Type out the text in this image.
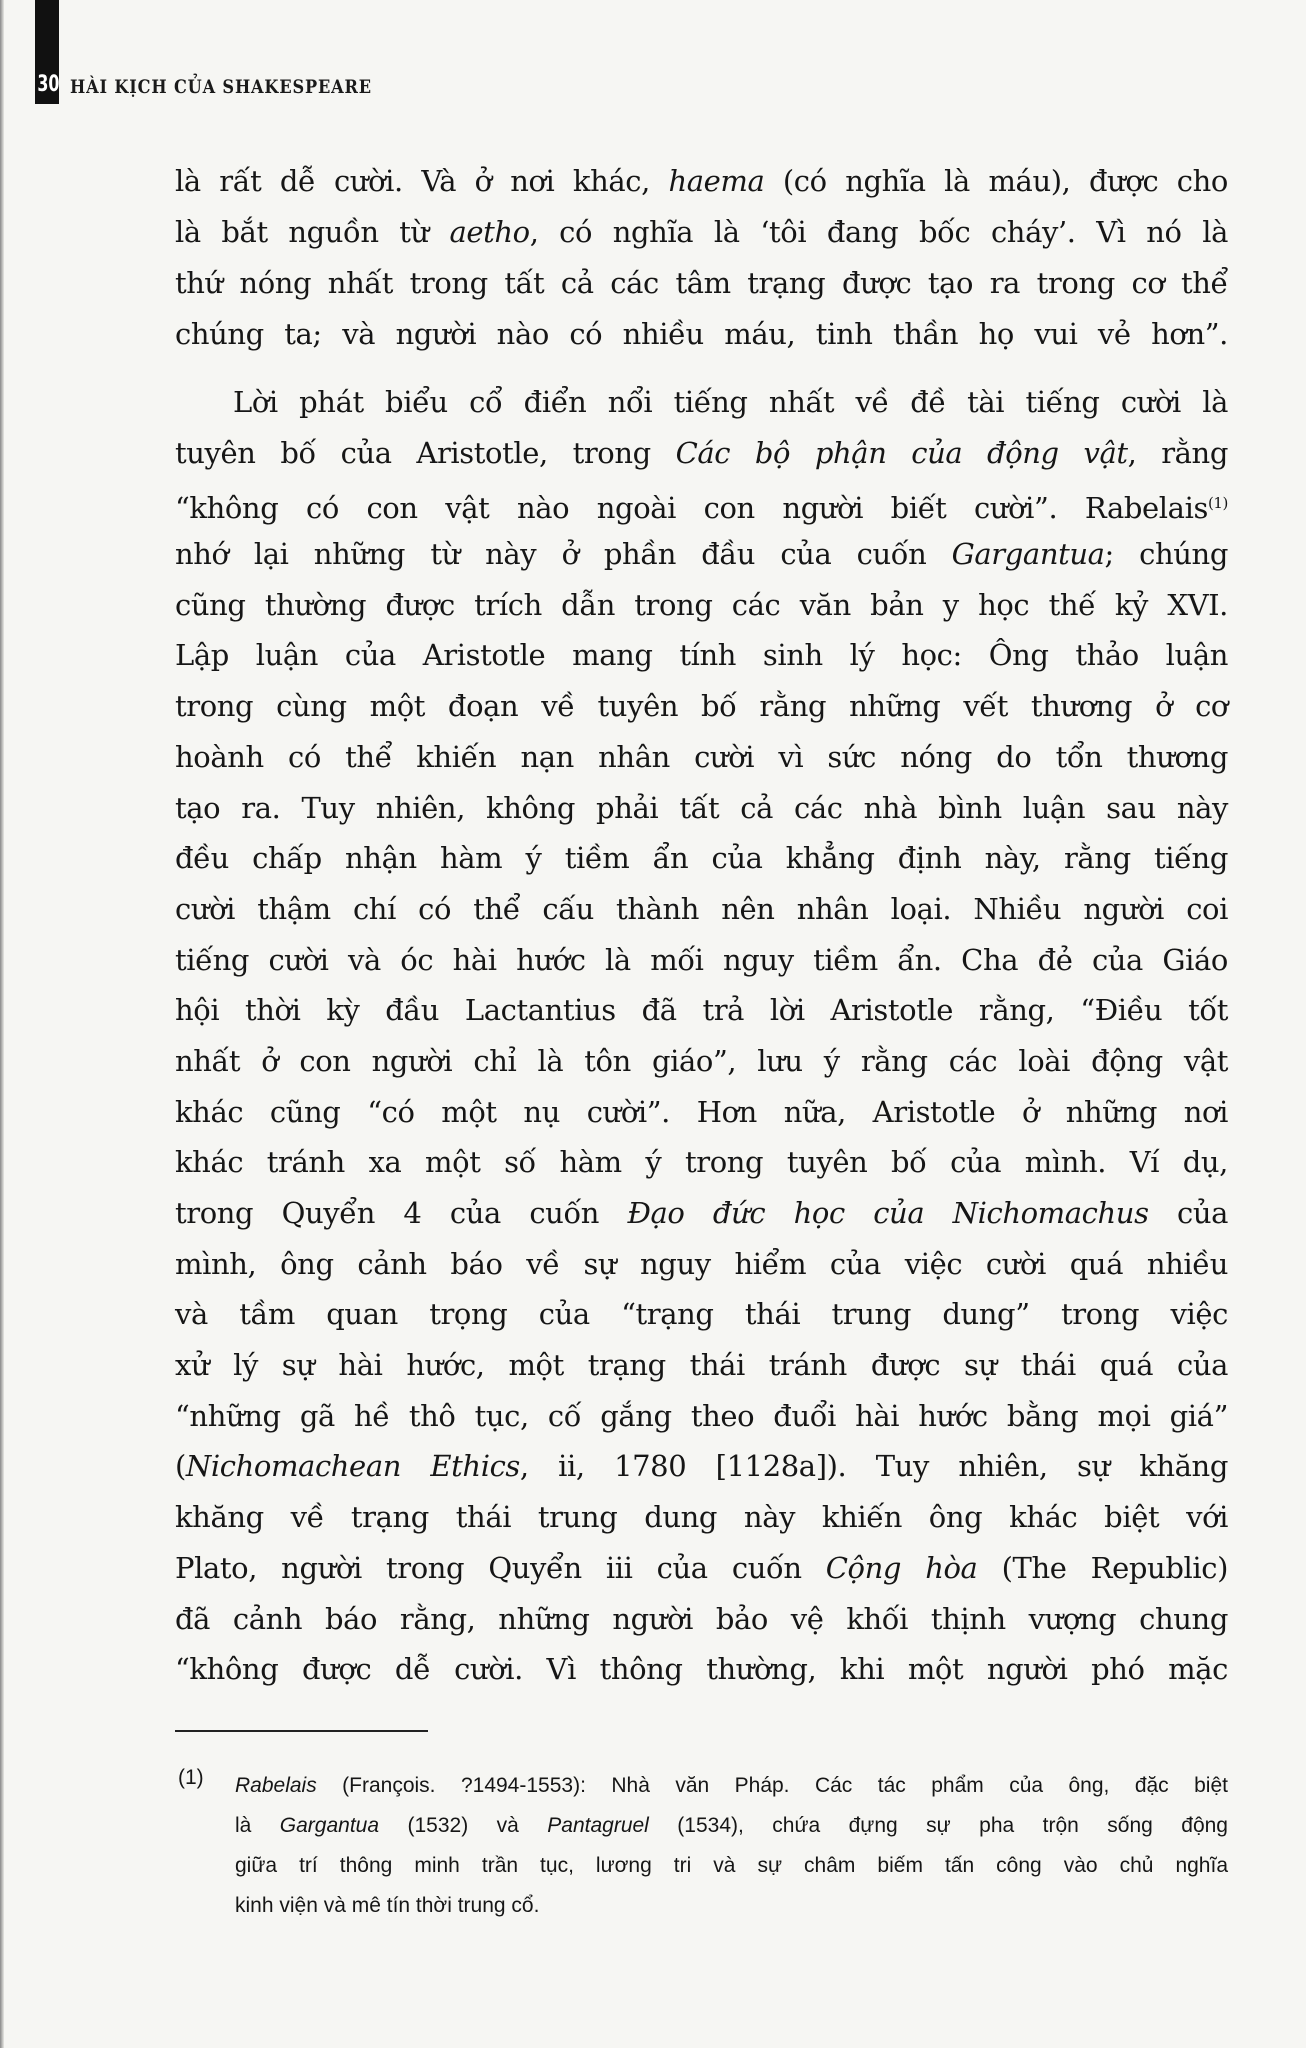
30 HÀI KỊCH CỦA SHAKESPEARE
là rất dễ cười. Và ở nơi khác, haema (có nghĩa là máu), được cho
là bắt nguồn từ aetho, có nghĩa là ‘tôi đang bốc cháy’. Vì nó là
thứ nóng nhất trong tất cả các tâm trạng được tạo ra trong cơ thể
chúng ta; và người nào có nhiều máu, tinh thần họ vui vẻ hơn”.
Lời phát biểu cổ điển nổi tiếng nhất về đề tài tiếng cười là
tuyên bố của Aristotle, trong Các bộ phận của động vật, rằng
“không có con vật nào ngoài con người biết cười”. Rabelais$^{(1)}$
nhớ lại những từ này ở phần đầu của cuốn Gargantua; chúng
cũng thường được trích dẫn trong các văn bản y học thế kỷ XVI.
Lập luận của Aristotle mang tính sinh lý học: Ông thảo luận
trong cùng một đoạn về tuyên bố rằng những vết thương ở cơ
hoành có thể khiến nạn nhân cười vì sức nóng do tổn thương
tạo ra. Tuy nhiên, không phải tất cả các nhà bình luận sau này
đều chấp nhận hàm ý tiềm ẩn của khẳng định này, rằng tiếng
cười thậm chí có thể cấu thành nên nhân loại. Nhiều người coi
tiếng cười và óc hài hước là mối nguy tiềm ẩn. Cha đẻ của Giáo
hội thời kỳ đầu Lactantius đã trả lời Aristotle rằng, “Điều tốt
nhất ở con người chỉ là tôn giáo”, lưu ý rằng các loài động vật
khác cũng “có một nụ cười”. Hơn nữa, Aristotle ở những nơi
khác tránh xa một số hàm ý trong tuyên bố của mình. Ví dụ,
trong Quyển 4 của cuốn Đạo đức học của Nichomachus của
mình, ông cảnh báo về sự nguy hiểm của việc cười quá nhiều
và tầm quan trọng của “trạng thái trung dung” trong việc
xử lý sự hài hước, một trạng thái tránh được sự thái quá của
“những gã hề thô tục, cố gắng theo đuổi hài hước bằng mọi giá”
(Nichomachean Ethics, ii, 1780 [1128a]). Tuy nhiên, sự khăng
khăng về trạng thái trung dung này khiến ông khác biệt với
Plato, người trong Quyển iii của cuốn Cộng hòa (The Republic)
đã cảnh báo rằng, những người bảo vệ khối thịnh vượng chung
“không được dễ cười. Vì thông thường, khi một người phó mặc
(1) Rabelais (François. ?1494-1553): Nhà văn Pháp. Các tác phẩm của ông, đặc biệt
là Gargantua (1532) và Pantagruel (1534), chứa đựng sự pha trộn sống động
giữa trí thông minh trần tục, lương tri và sự châm biếm tấn công vào chủ nghĩa
kinh viện và mê tín thời trung cổ.
